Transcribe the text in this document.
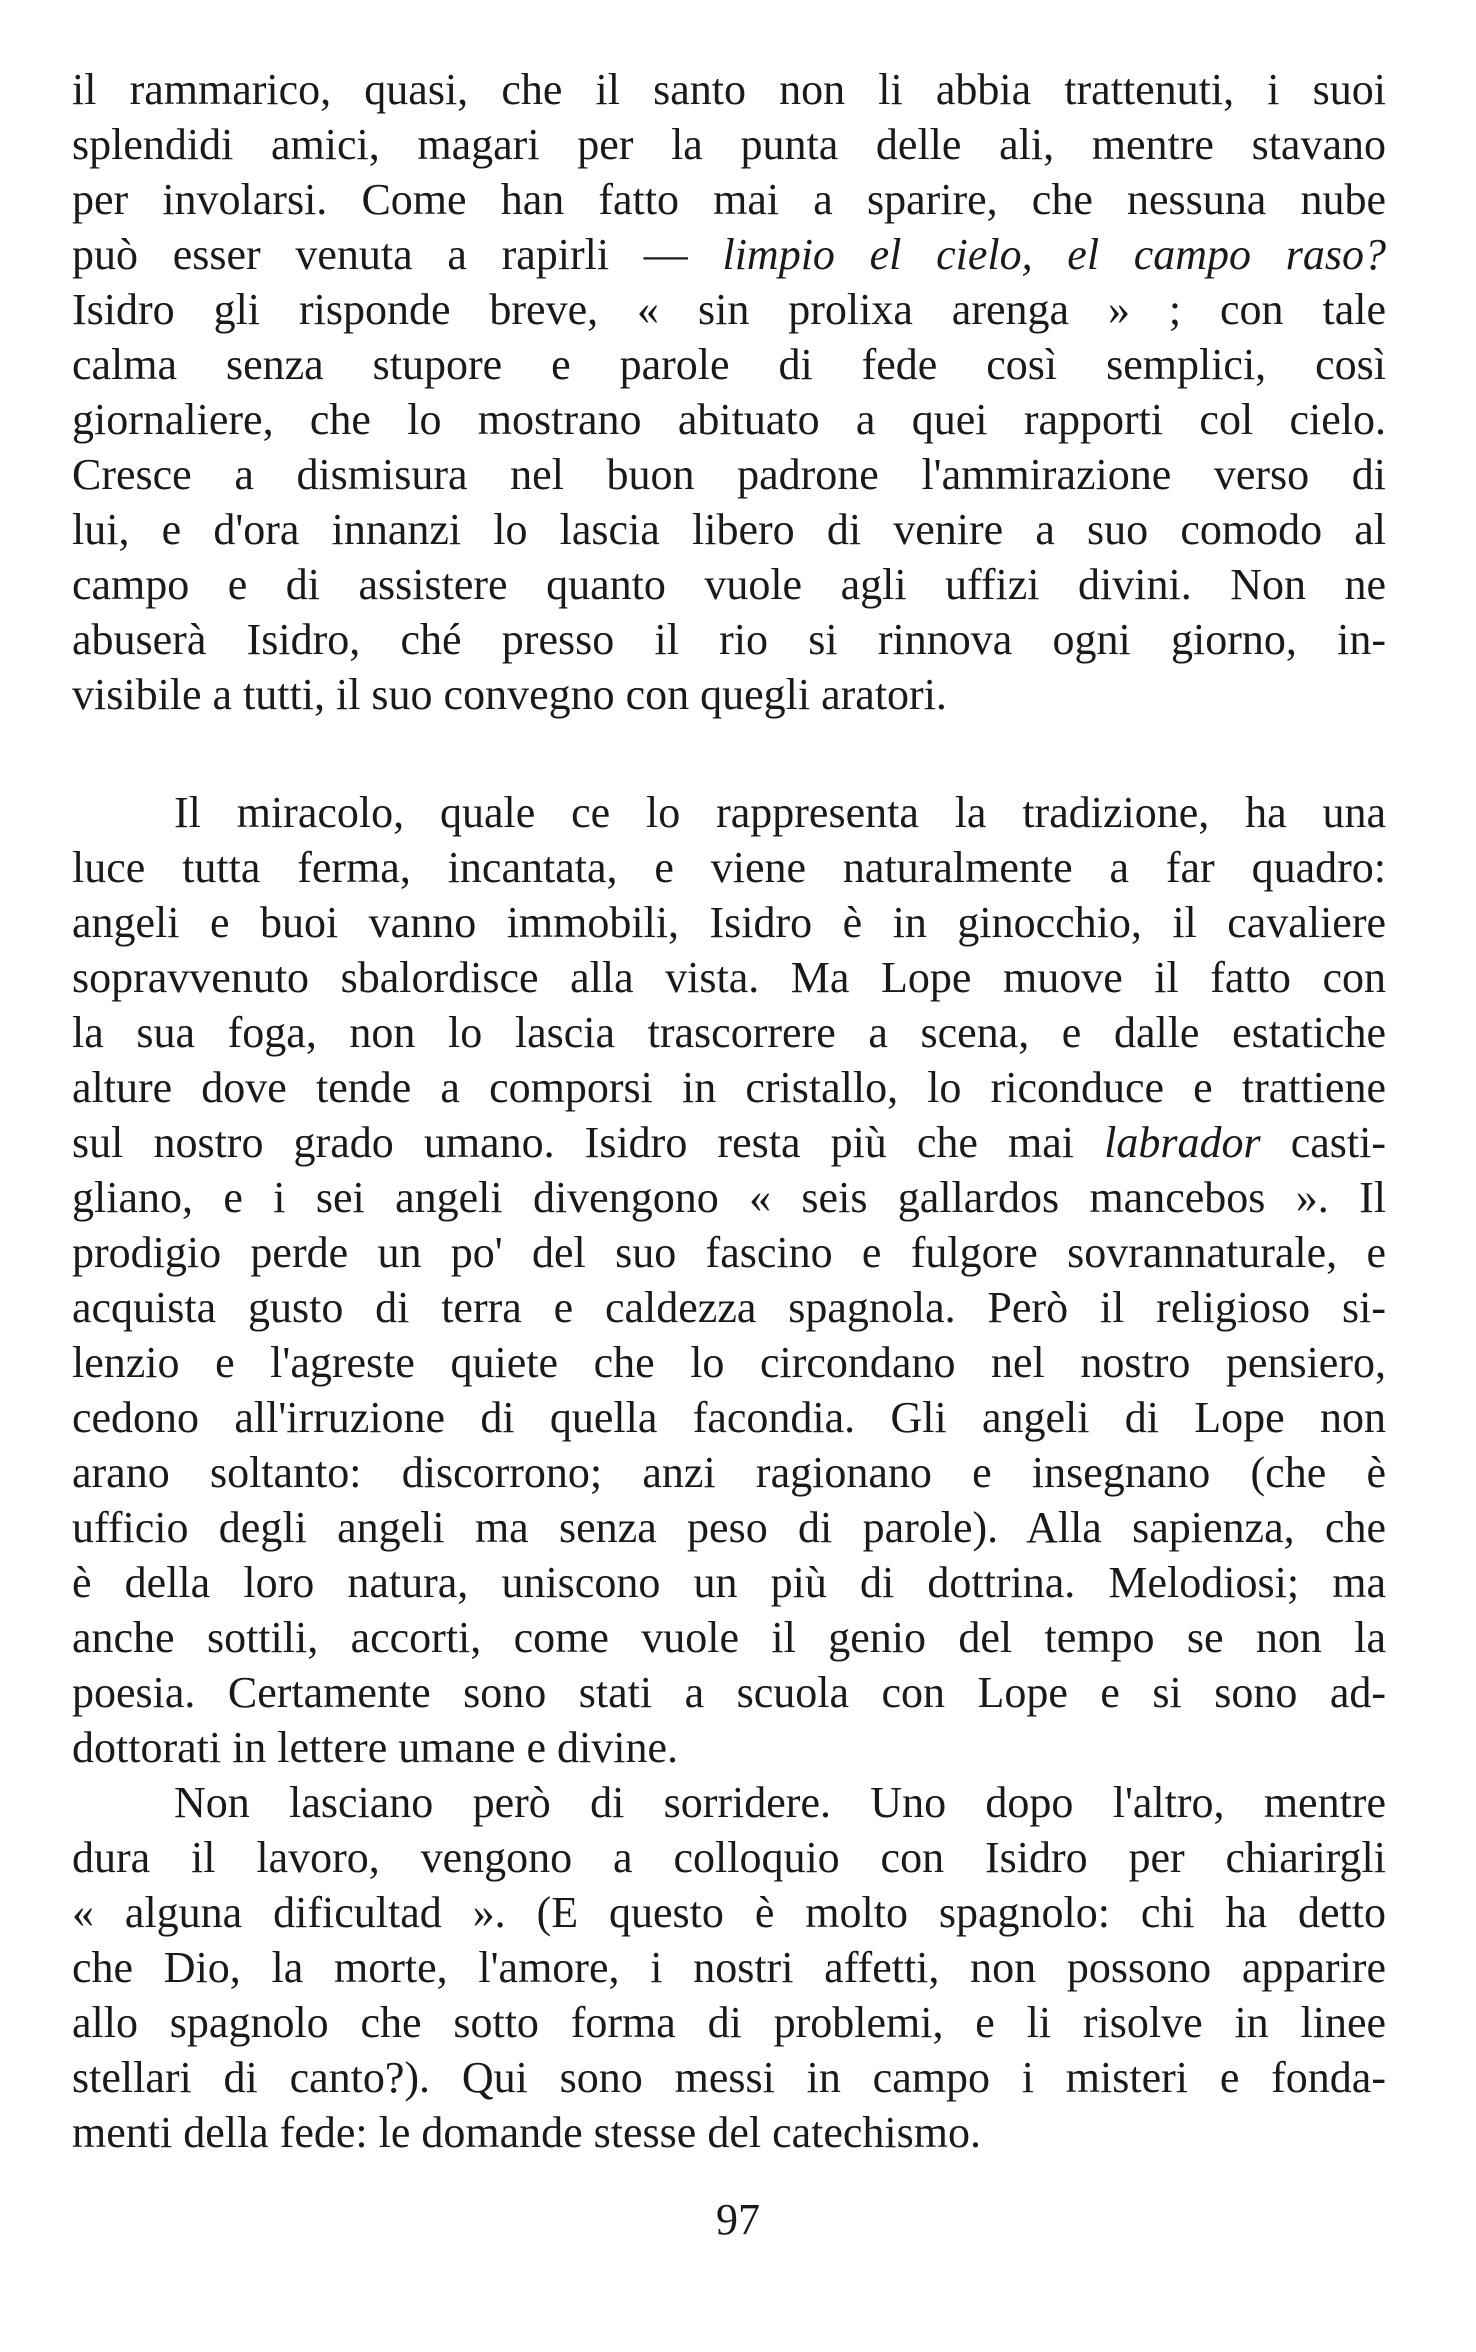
il rammarico, quasi, che il santo non li abbia trattenuti, i suoi
splendidi amici, magari per la punta delle ali, mentre stavano
per involarsi. Come han fatto mai a sparire, che nessuna nube
può esser venuta a rapirli — limpio el cielo, el campo raso?
Isidro gli risponde breve, « sin prolixa arenga » ; con tale
calma senza stupore e parole di fede così semplici, così
giornaliere, che lo mostrano abituato a quei rapporti col cielo.
Cresce a dismisura nel buon padrone l'ammirazione verso di
lui, e d'ora innanzi lo lascia libero di venire a suo comodo al
campo e di assistere quanto vuole agli uffizi divini. Non ne
abuserà Isidro, ché presso il rio si rinnova ogni giorno, in-
visibile a tutti, il suo convegno con quegli aratori.
Il miracolo, quale ce lo rappresenta la tradizione, ha una
luce tutta ferma, incantata, e viene naturalmente a far quadro:
angeli e buoi vanno immobili, Isidro è in ginocchio, il cavaliere
sopravvenuto sbalordisce alla vista. Ma Lope muove il fatto con
la sua foga, non lo lascia trascorrere a scena, e dalle estatiche
alture dove tende a comporsi in cristallo, lo riconduce e trattiene
sul nostro grado umano. Isidro resta più che mai labrador casti-
gliano, e i sei angeli divengono « seis gallardos mancebos ». Il
prodigio perde un po' del suo fascino e fulgore sovrannaturale, e
acquista gusto di terra e caldezza spagnola. Però il religioso si-
lenzio e l'agreste quiete che lo circondano nel nostro pensiero,
cedono all'irruzione di quella facondia. Gli angeli di Lope non
arano soltanto: discorrono; anzi ragionano e insegnano (che è
ufficio degli angeli ma senza peso di parole). Alla sapienza, che
è della loro natura, uniscono un più di dottrina. Melodiosi; ma
anche sottili, accorti, come vuole il genio del tempo se non la
poesia. Certamente sono stati a scuola con Lope e si sono ad-
dottorati in lettere umane e divine.
Non lasciano però di sorridere. Uno dopo l'altro, mentre
dura il lavoro, vengono a colloquio con Isidro per chiarirgli
« alguna dificultad ». (E questo è molto spagnolo: chi ha detto
che Dio, la morte, l'amore, i nostri affetti, non possono apparire
allo spagnolo che sotto forma di problemi, e li risolve in linee
stellari di canto?). Qui sono messi in campo i misteri e fonda-
menti della fede: le domande stesse del catechismo.
97
